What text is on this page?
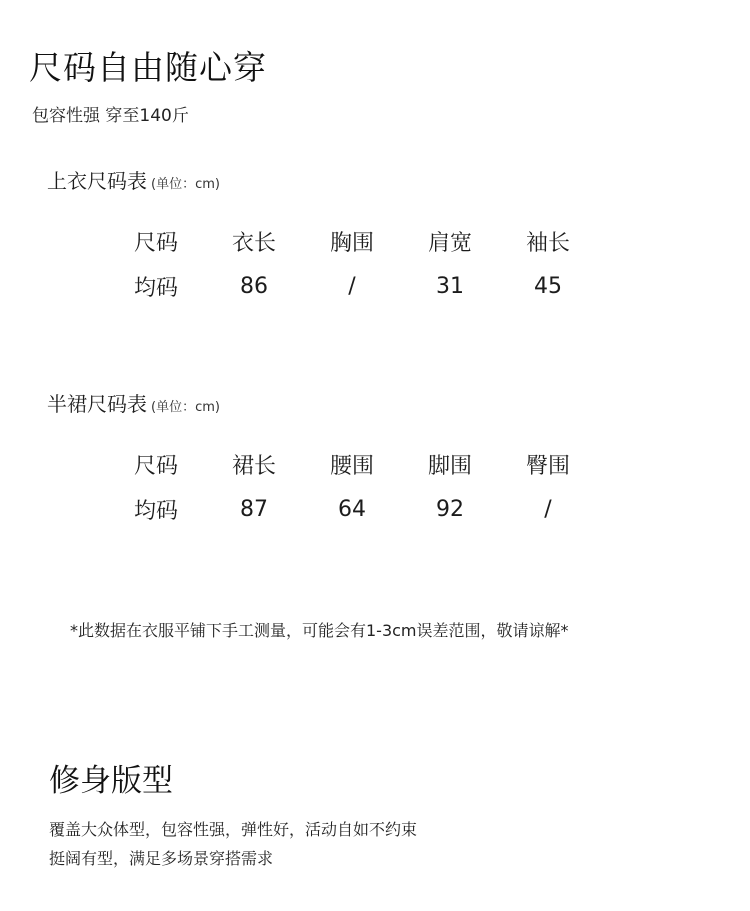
尺码自由随心穿
包容性强 穿至140斤
上衣尺码表 (单位：cm)
尺码	衣长	胸围	肩宽	袖长
均码	86	/	31	45
半裙尺码表 (单位：cm)
尺码	裙长	腰围	脚围	臀围
均码	87	64	92	/
*此数据在衣服平铺下手工测量，可能会有1-3cm误差范围，敬请谅解*
修身版型
覆盖大众体型，包容性强，弹性好，活动自如不约束
挺阔有型，满足多场景穿搭需求
